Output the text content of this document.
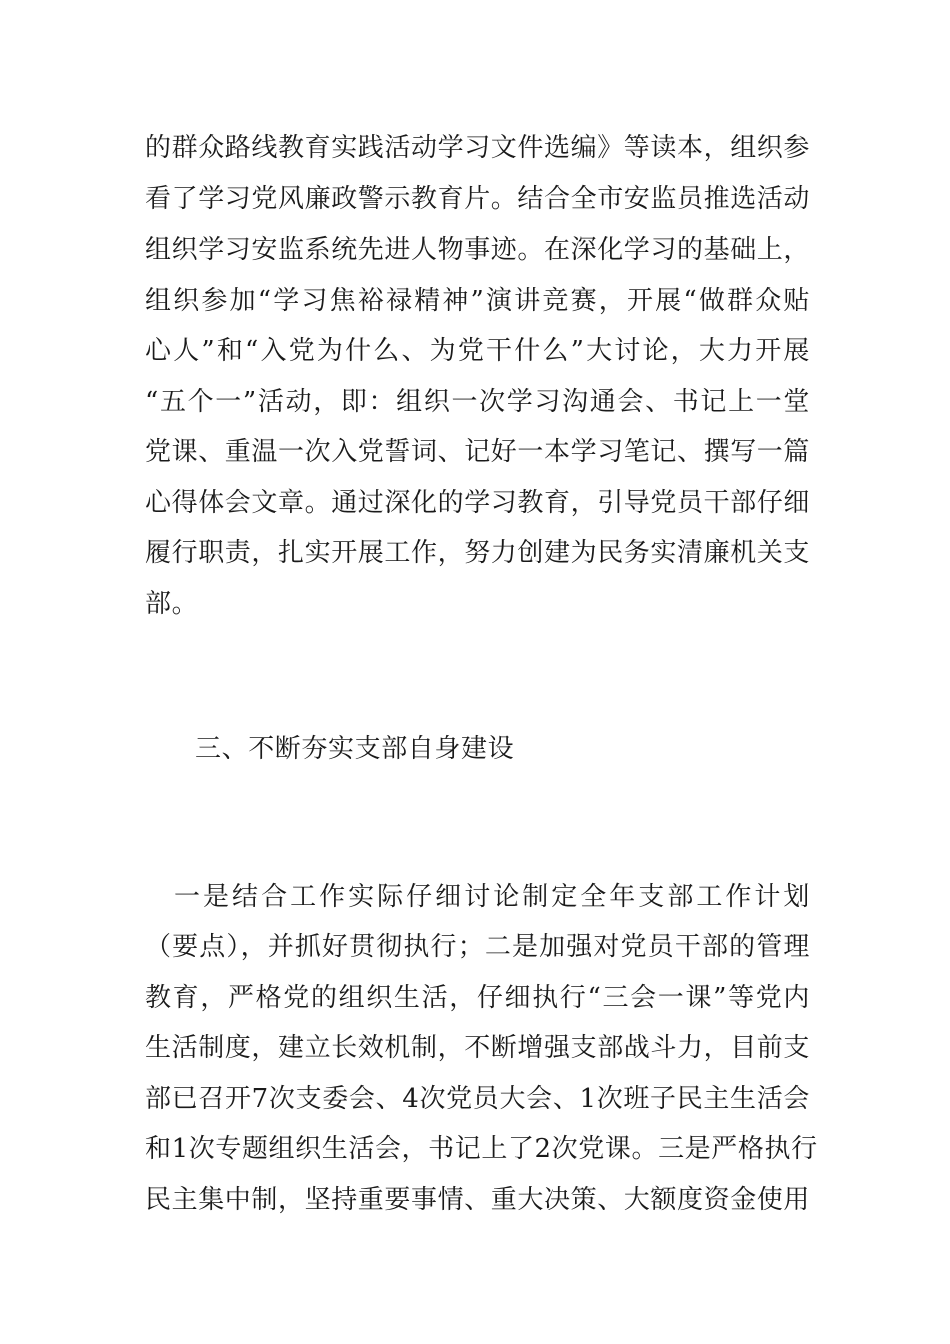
的群众路线教育实践活动学习文件选编》等读本，组织参
看了学习党风廉政警示教育片。结合全市安监员推选活动
组织学习安监系统先进人物事迹。在深化学习的基础上，
组织参加“学习焦裕禄精神”演讲竞赛，开展“做群众贴
心人”和“入党为什么、为党干什么”大讨论，大力开展
“五个一”活动，即：组织一次学习沟通会、书记上一堂
党课、重温一次入党誓词、记好一本学习笔记、撰写一篇
心得体会文章。通过深化的学习教育，引导党员干部仔细
履行职责，扎实开展工作，努力创建为民务实清廉机关支
部。
三、不断夯实支部自身建设
　一是结合工作实际仔细讨论制定全年支部工作计划
（要点），并抓好贯彻执行；二是加强对党员干部的管理
教育，严格党的组织生活，仔细执行“三会一课”等党内
生活制度，建立长效机制，不断增强支部战斗力，目前支
部已召开7次支委会、4次党员大会、1次班子民主生活会
和1次专题组织生活会，书记上了2次党课。三是严格执行
民主集中制，坚持重要事情、重大决策、大额度资金使用
